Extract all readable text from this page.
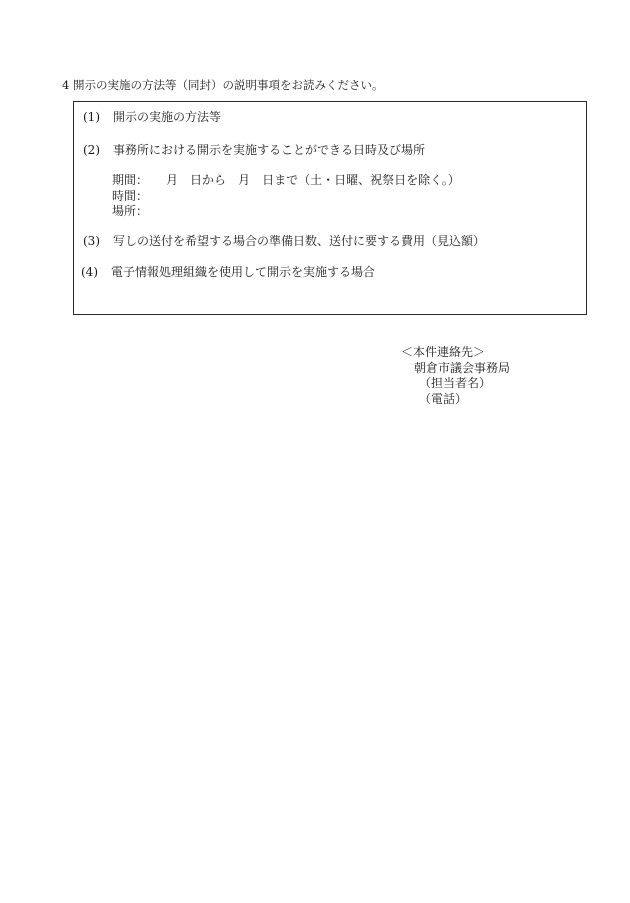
4 開示の実施の方法等（同封）の説明事項をお読みください。
(1) 開示の実施の方法等
(2) 事務所における開示を実施することができる日時及び場所
期間： 月 日から 月 日まで（土・日曜、祝祭日を除く。）
時間：
場所：
(3) 写しの送付を希望する場合の準備日数、送付に要する費用（見込額）
(4) 電子情報処理組織を使用して開示を実施する場合
＜本件連絡先＞
朝倉市議会事務局
（担当者名）
（電話）
